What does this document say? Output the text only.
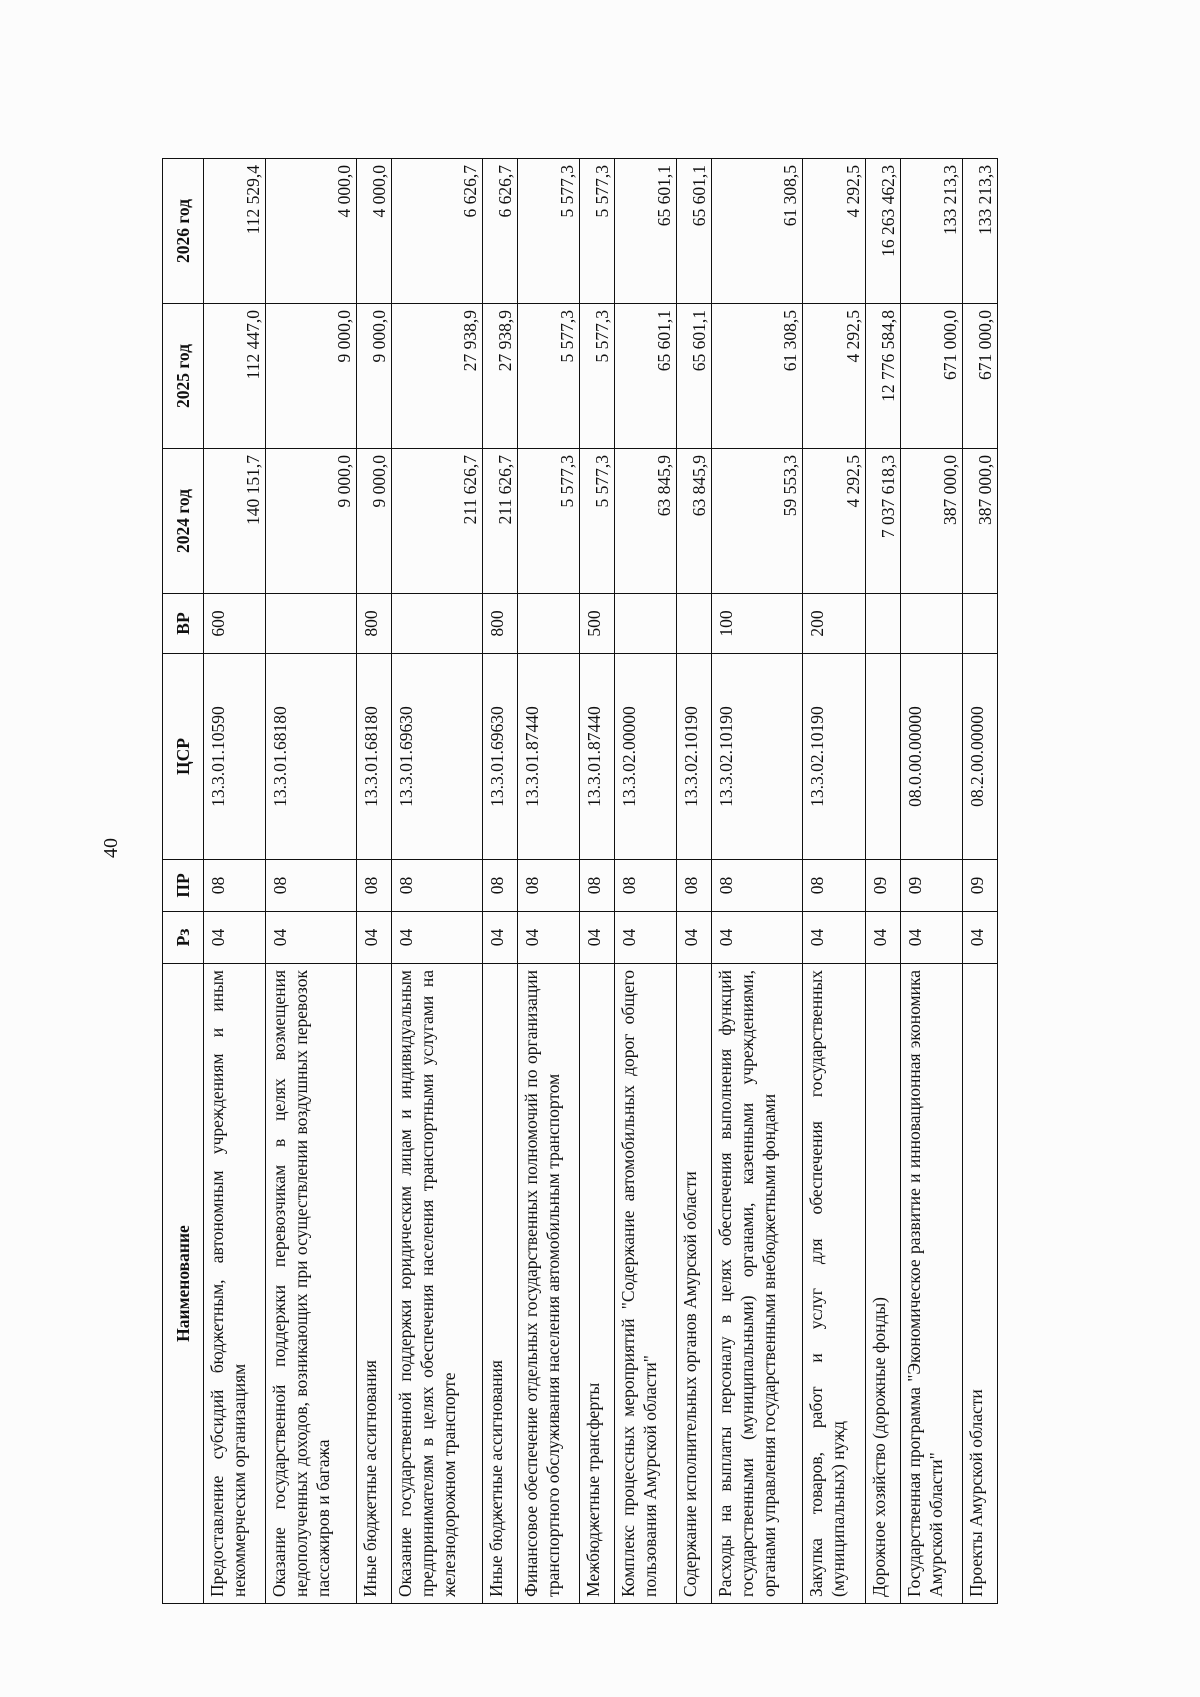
40
Наименование	Рз	ПР	ЦСР	ВР	2024 год	2025 год	2026 год
Предоставление субсидий бюджетным, автономным учреждениям и иным некоммерческим организациям	04	08	13.3.01.10590	600	140 151,7	112 447,0	112 529,4
Оказание государственной поддержки перевозчикам в целях возмещения недополученных доходов, возникающих при осуществлении воздушных перевозок пассажиров и багажа	04	08	13.3.01.68180		9 000,0	9 000,0	4 000,0
Иные бюджетные ассигнования	04	08	13.3.01.68180	800	9 000,0	9 000,0	4 000,0
Оказание государственной поддержки юридическим лицам и индивидуальным предпринимателям в целях обеспечения населения транспортными услугами на железнодорожном транспорте	04	08	13.3.01.69630		211 626,7	27 938,9	6 626,7
Иные бюджетные ассигнования	04	08	13.3.01.69630	800	211 626,7	27 938,9	6 626,7
Финансовое обеспечение отдельных государственных полномочий по организации транспортного обслуживания населения автомобильным транспортом	04	08	13.3.01.87440		5 577,3	5 577,3	5 577,3
Межбюджетные трансферты	04	08	13.3.01.87440	500	5 577,3	5 577,3	5 577,3
Комплекс процессных мероприятий "Содержание автомобильных дорог общего пользования Амурской области"	04	08	13.3.02.00000		63 845,9	65 601,1	65 601,1
Содержание исполнительных органов Амурской области	04	08	13.3.02.10190		63 845,9	65 601,1	65 601,1
Расходы на выплаты персоналу в целях обеспечения выполнения функций государственными (муниципальными) органами, казенными учреждениями, органами управления государственными внебюджетными фондами	04	08	13.3.02.10190	100	59 553,3	61 308,5	61 308,5
Закупка товаров, работ и услуг для обеспечения государственных (муниципальных) нужд	04	08	13.3.02.10190	200	4 292,5	4 292,5	4 292,5
Дорожное хозяйство (дорожные фонды)	04	09			7 037 618,3	12 776 584,8	16 263 462,3
Государственная программа "Экономическое развитие и инновационная экономика Амурской области"	04	09	08.0.00.00000		387 000,0	671 000,0	133 213,3
Проекты Амурской области	04	09	08.2.00.00000		387 000,0	671 000,0	133 213,3
